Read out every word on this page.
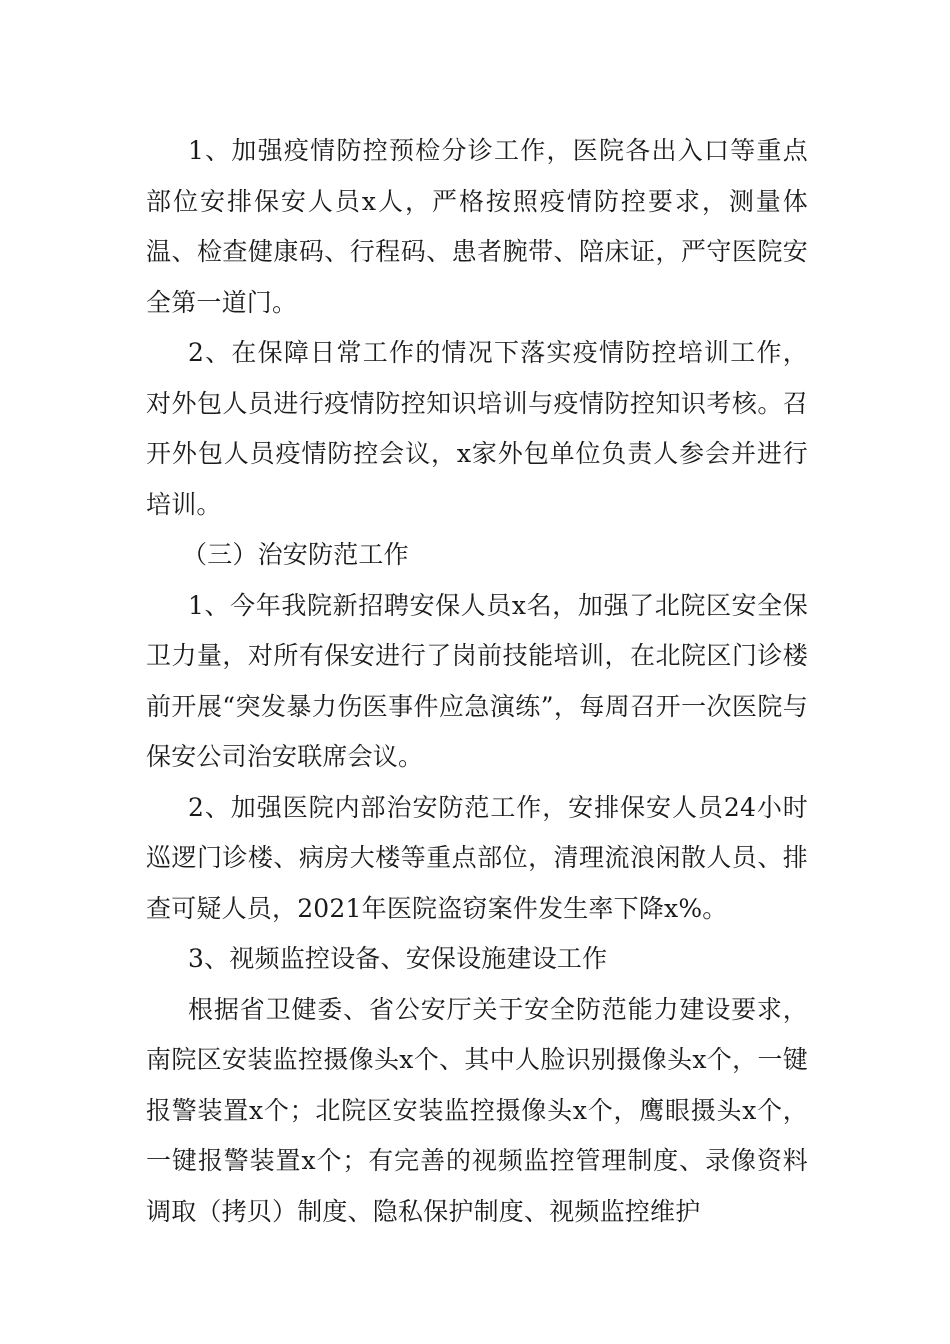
1、加强疫情防控预检分诊工作，医院各出入口等重点部位安排保安人员x人，严格按照疫情防控要求，测量体温、检查健康码、行程码、患者腕带、陪床证，严守医院安全第一道门。

2、在保障日常工作的情况下落实疫情防控培训工作，对外包人员进行疫情防控知识培训与疫情防控知识考核。召开外包人员疫情防控会议，x家外包单位负责人参会并进行培训。

（三）治安防范工作

1、今年我院新招聘安保人员x名，加强了北院区安全保卫力量，对所有保安进行了岗前技能培训，在北院区门诊楼前开展“突发暴力伤医事件应急演练”，每周召开一次医院与保安公司治安联席会议。

2、加强医院内部治安防范工作，安排保安人员24小时巡逻门诊楼、病房大楼等重点部位，清理流浪闲散人员、排查可疑人员，2021年医院盗窃案件发生率下降x%。

3、视频监控设备、安保设施建设工作

根据省卫健委、省公安厅关于安全防范能力建设要求，南院区安装监控摄像头x个、其中人脸识别摄像头x个，一键报警装置x个；北院区安装监控摄像头x个，鹰眼摄头x个，一键报警装置x个；有完善的视频监控管理制度、录像资料调取（拷贝）制度、隐私保护制度、视频监控维护
